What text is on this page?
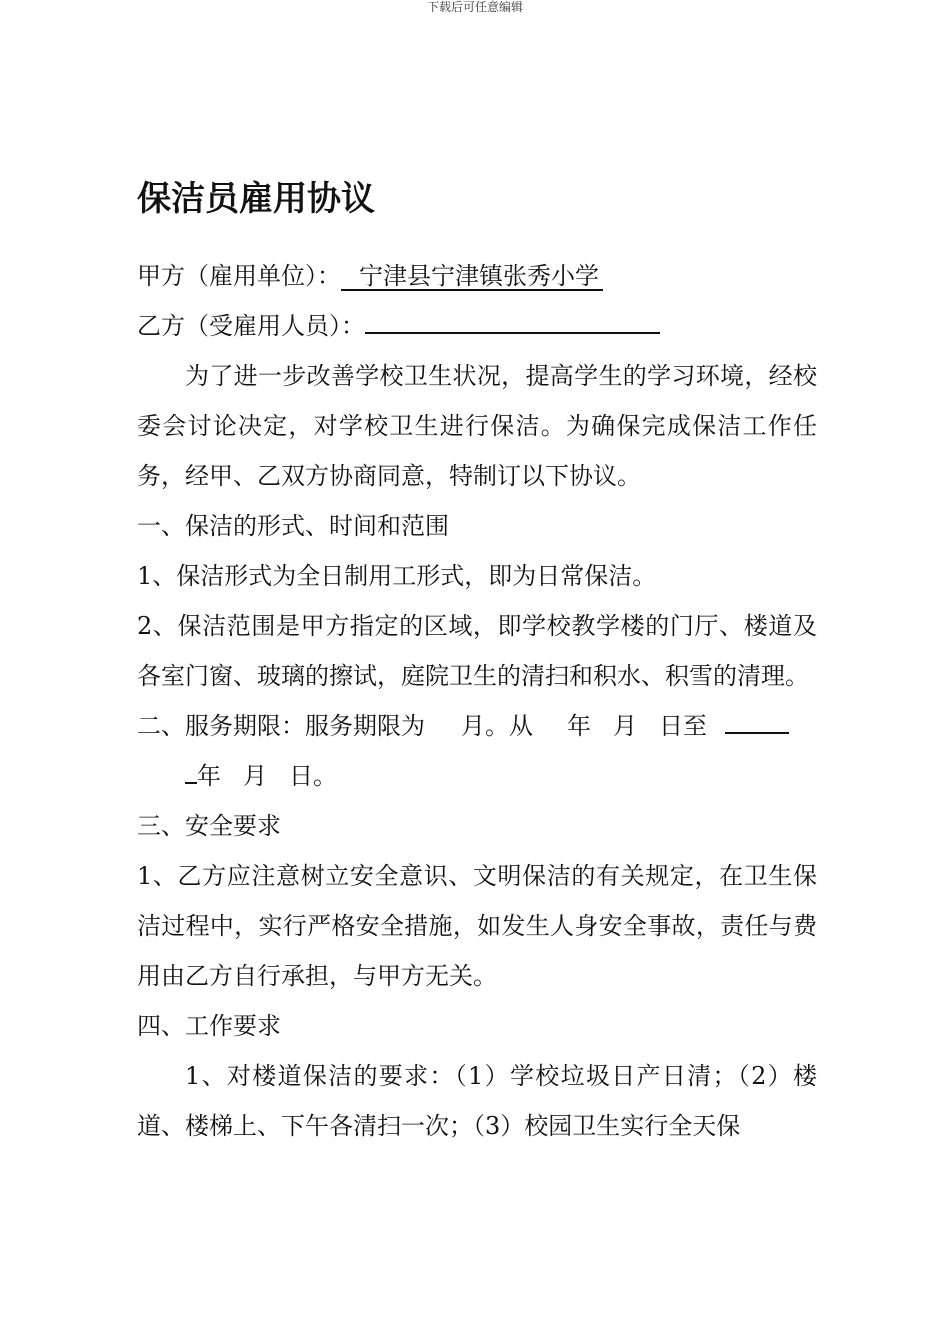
下载后可任意编辑
保洁员雇用协议

甲方（雇用单位）： 宁津县宁津镇张秀小学

乙方（受雇用人员）：

为了进一步改善学校卫生状况，提高学生的学习环境，经校委会讨论决定，对学校卫生进行保洁。为确保完成保洁工作任务，经甲、乙双方协商同意，特制订以下协议。

一、保洁的形式、时间和范围

1、保洁形式为全日制用工形式，即为日常保洁。

2、保洁范围是甲方指定的区域，即学校教学楼的门厅、楼道及各室门窗、玻璃的擦试，庭院卫生的清扫和积水、积雪的清理。

二、服务期限：服务期限为 月。从 年 月 日至

年 月 日。

三、安全要求

1、乙方应注意树立安全意识、文明保洁的有关规定，在卫生保洁过程中，实行严格安全措施，如发生人身安全事故，责任与费用由乙方自行承担，与甲方无关。

四、工作要求

1、对楼道保洁的要求：（1）学校垃圾日产日清；（2）楼道、楼梯上、下午各清扫一次；（3）校园卫生实行全天保
